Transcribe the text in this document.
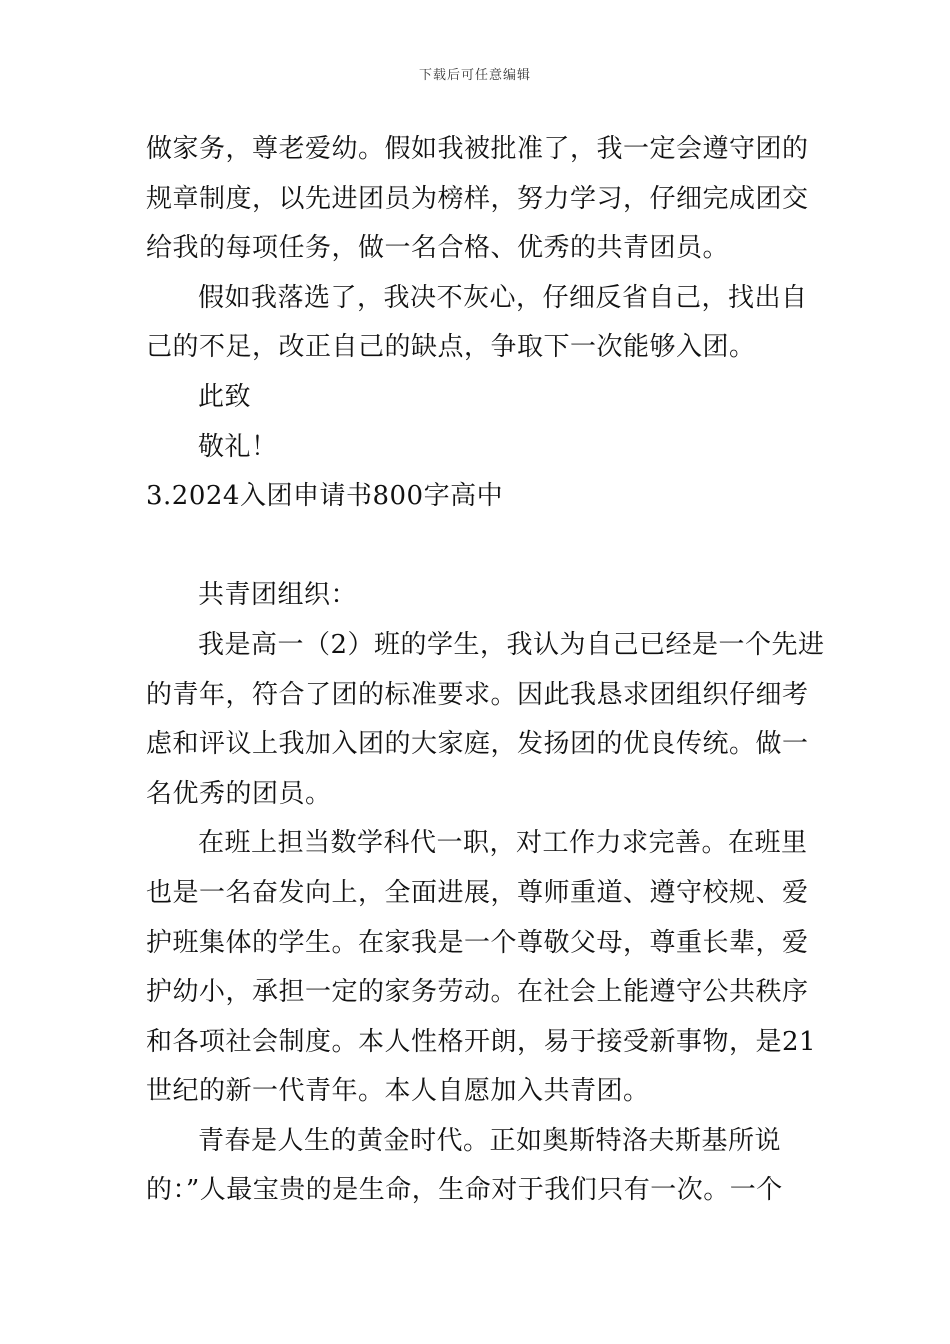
下载后可任意编辑
做家务，尊老爱幼。假如我被批准了，我一定会遵守团的
规章制度，以先进团员为榜样，努力学习，仔细完成团交
给我的每项任务，做一名合格、优秀的共青团员。
假如我落选了，我决不灰心，仔细反省自己，找出自
己的不足，改正自己的缺点，争取下一次能够入团。
此致
敬礼！
3.2024入团申请书800字高中
共青团组织：
我是高一（2）班的学生，我认为自己已经是一个先进
的青年，符合了团的标准要求。因此我恳求团组织仔细考
虑和评议上我加入团的大家庭，发扬团的优良传统。做一
名优秀的团员。
在班上担当数学科代一职，对工作力求完善。在班里
也是一名奋发向上，全面进展，尊师重道、遵守校规、爱
护班集体的学生。在家我是一个尊敬父母，尊重长辈，爱
护幼小，承担一定的家务劳动。在社会上能遵守公共秩序
和各项社会制度。本人性格开朗，易于接受新事物，是21
世纪的新一代青年。本人自愿加入共青团。
青春是人生的黄金时代。正如奥斯特洛夫斯基所说
的：”人最宝贵的是生命，生命对于我们只有一次。一个
